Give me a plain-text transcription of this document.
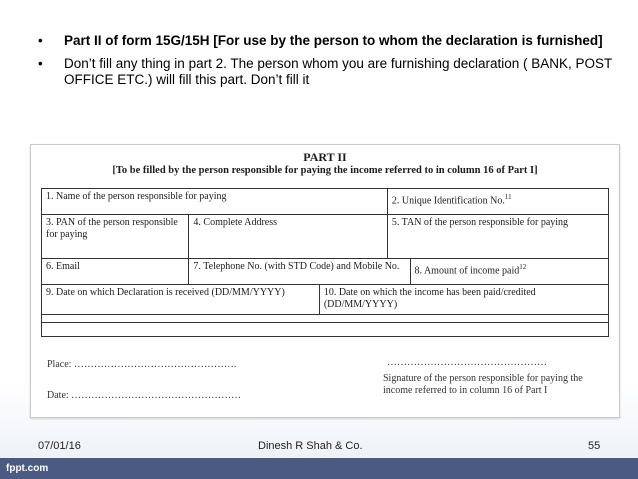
• Part II of form 15G/15H [For use by the person to whom the declaration is furnished]
• Don’t fill any thing in part 2. The person whom you are furnishing declaration ( BANK, POST OFFICE ETC.) will fill this part. Don’t fill it
PART II
[To be filled by the person responsible for paying the income referred to in column 16 of Part I]
1. Name of the person responsible for paying			2. Unique Identification No.$^{11}$
3. PAN of the person responsible for paying	4. Complete Address		5. TAN of the person responsible for paying	
6. Email	7. Telephone No. (with STD Code) and Mobile No.			8. Amount of income paid$^{12}$
9. Date on which Declaration is received (DD/MM/YYYY)		10. Date on which the income has been paid/credited (DD/MM/YYYY)		

Place: ………………………………………….	…………………………………………
Signature of the person responsible for paying the income referred to in column 16 of Part I
Date: ……………………………………………
07/01/16	Dinesh R Shah & Co.	55
fppt.com
